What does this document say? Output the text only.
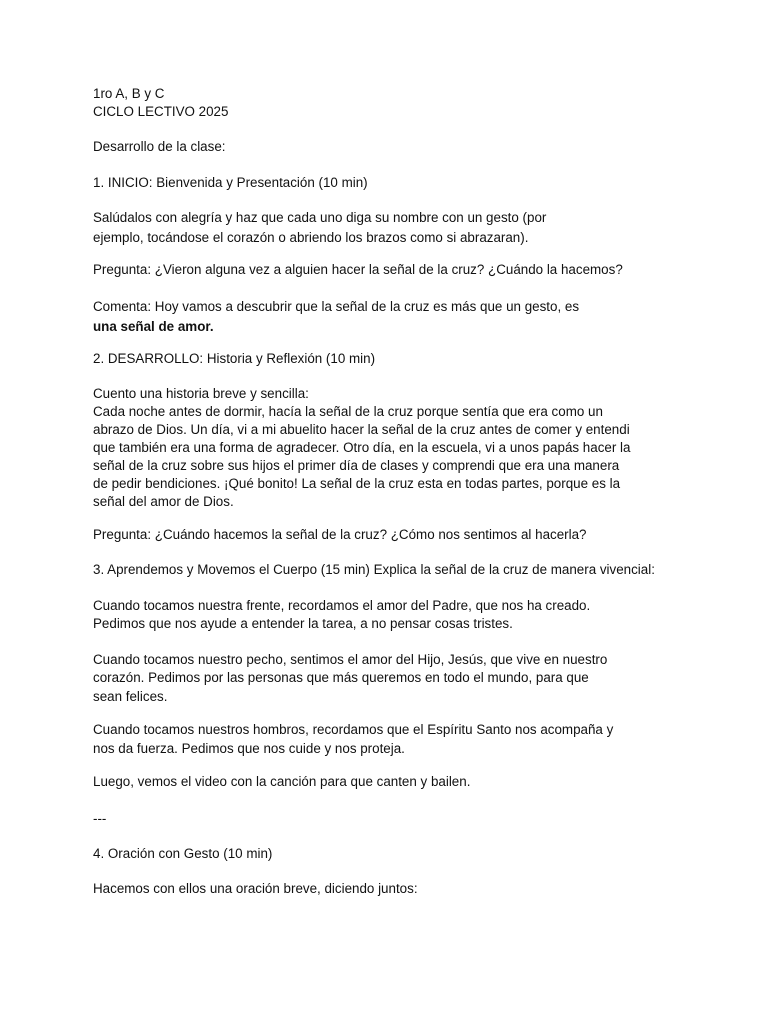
1ro A, B y C

CICLO LECTIVO 2025

Desarrollo de la clase:

1. INICIO: Bienvenida y Presentación (10 min)

Salúdalos con alegría y haz que cada uno diga su nombre con un gesto (por

ejemplo, tocándose el corazón o abriendo los brazos como si abrazaran).

Pregunta: ¿Vieron alguna vez a alguien hacer la señal de la cruz? ¿Cuándo la hacemos?

Comenta: Hoy vamos a descubrir que la señal de la cruz es más que un gesto, es

una señal de amor.

2. DESARROLLO: Historia y Reflexión (10 min)

Cuento una historia breve y sencilla:

Cada noche antes de dormir, hacía la señal de la cruz porque sentía que era como un

abrazo de Dios. Un día, vi a mi abuelito hacer la señal de la cruz antes de comer y entendi

que también era una forma de agradecer. Otro día, en la escuela, vi a unos papás hacer la

señal de la cruz sobre sus hijos el primer día de clases y comprendi que era una manera

de pedir bendiciones. ¡Qué bonito! La señal de la cruz esta en todas partes, porque es la

señal del amor de Dios.

Pregunta: ¿Cuándo hacemos la señal de la cruz? ¿Cómo nos sentimos al hacerla?

3. Aprendemos y Movemos el Cuerpo (15 min) Explica la señal de la cruz de manera vivencial:

Cuando tocamos nuestra frente, recordamos el amor del Padre, que nos ha creado.

Pedimos que nos ayude a entender la tarea, a no pensar cosas tristes.

Cuando tocamos nuestro pecho, sentimos el amor del Hijo, Jesús, que vive en nuestro

corazón. Pedimos por las personas que más queremos en todo el mundo, para que

sean felices.

Cuando tocamos nuestros hombros, recordamos que el Espíritu Santo nos acompaña y

nos da fuerza. Pedimos que nos cuide y nos proteja.

Luego, vemos el video con la canción para que canten y bailen.

---

4. Oración con Gesto (10 min)

Hacemos con ellos una oración breve, diciendo juntos:
